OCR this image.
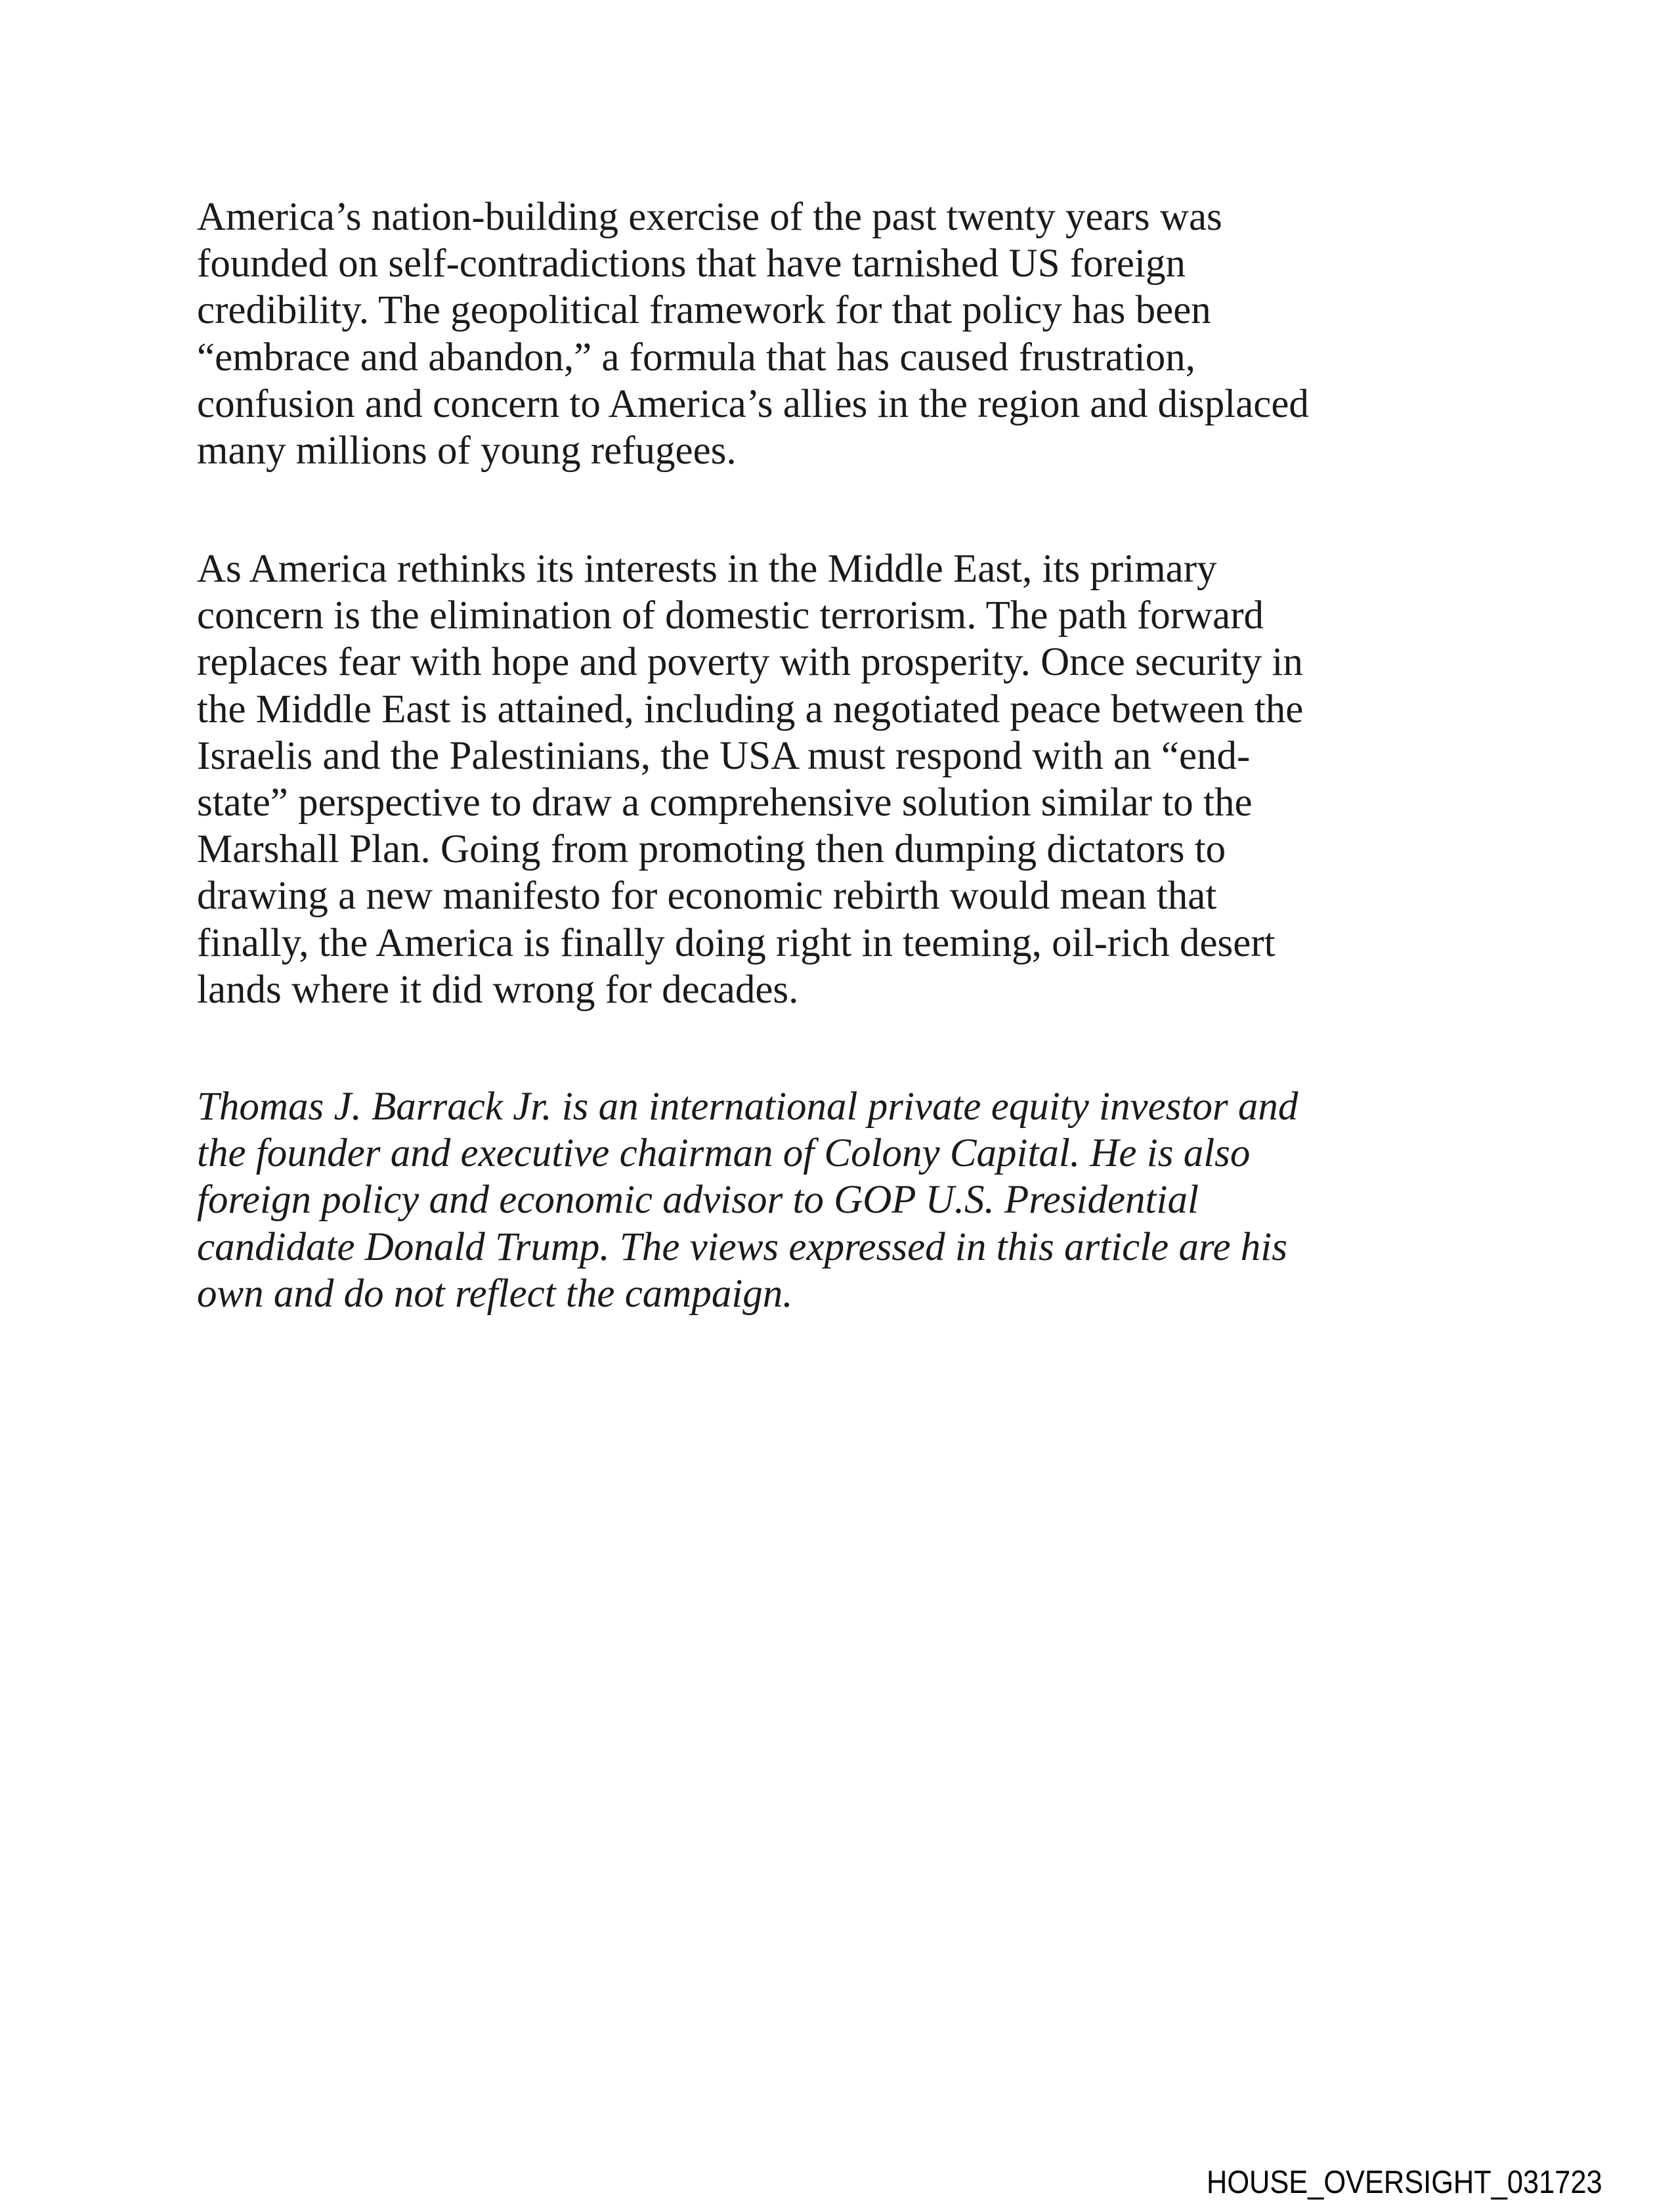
America’s nation-building exercise of the past twenty years was
founded on self-contradictions that have tarnished US foreign
credibility. The geopolitical framework for that policy has been
“embrace and abandon,” a formula that has caused frustration,
confusion and concern to America’s allies in the region and displaced
many millions of young refugees.
As America rethinks its interests in the Middle East, its primary
concern is the elimination of domestic terrorism. The path forward
replaces fear with hope and poverty with prosperity. Once security in
the Middle East is attained, including a negotiated peace between the
Israelis and the Palestinians, the USA must respond with an “end-
state” perspective to draw a comprehensive solution similar to the
Marshall Plan. Going from promoting then dumping dictators to
drawing a new manifesto for economic rebirth would mean that
finally, the America is finally doing right in teeming, oil-rich desert
lands where it did wrong for decades.
Thomas J. Barrack Jr. is an international private equity investor and
the founder and executive chairman of Colony Capital. He is also
foreign policy and economic advisor to GOP U.S. Presidential
candidate Donald Trump. The views expressed in this article are his
own and do not reflect the campaign.
HOUSE_OVERSIGHT_031723
